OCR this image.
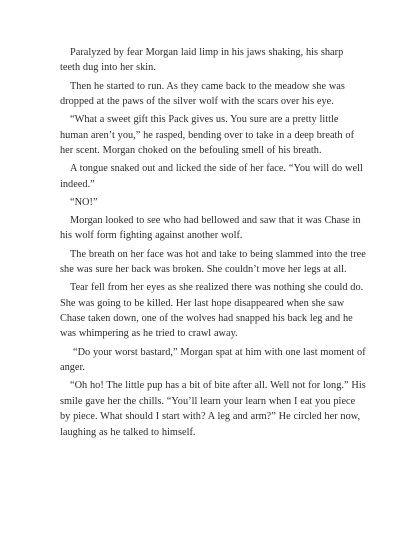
Paralyzed by fear Morgan laid limp in his jaws shaking, his sharp teeth dug into her skin.

Then he started to run. As they came back to the meadow she was dropped at the paws of the silver wolf with the scars over his eye.

“What a sweet gift this Pack gives us. You sure are a pretty little human aren’t you,” he rasped, bending over to take in a deep breath of her scent. Morgan choked on the befouling smell of his breath.

A tongue snaked out and licked the side of her face. “You will do well indeed.”

“NO!”

Morgan looked to see who had bellowed and saw that it was Chase in his wolf form fighting against another wolf.

The breath on her face was hot and take to being slammed into the tree she was sure her back was broken. She couldn’t move her legs at all.

Tear fell from her eyes as she realized there was nothing she could do. She was going to be killed. Her last hope disappeared when she saw Chase taken down, one of the wolves had snapped his back leg and he was whimpering as he tried to crawl away.

“Do your worst bastard,” Morgan spat at him with one last moment of anger.

“Oh ho! The little pup has a bit of bite after all. Well not for long.” His smile gave her the chills. “You’ll learn your learn when I eat you piece by piece. What should I start with? A leg and arm?” He circled her now, laughing as he talked to himself.
